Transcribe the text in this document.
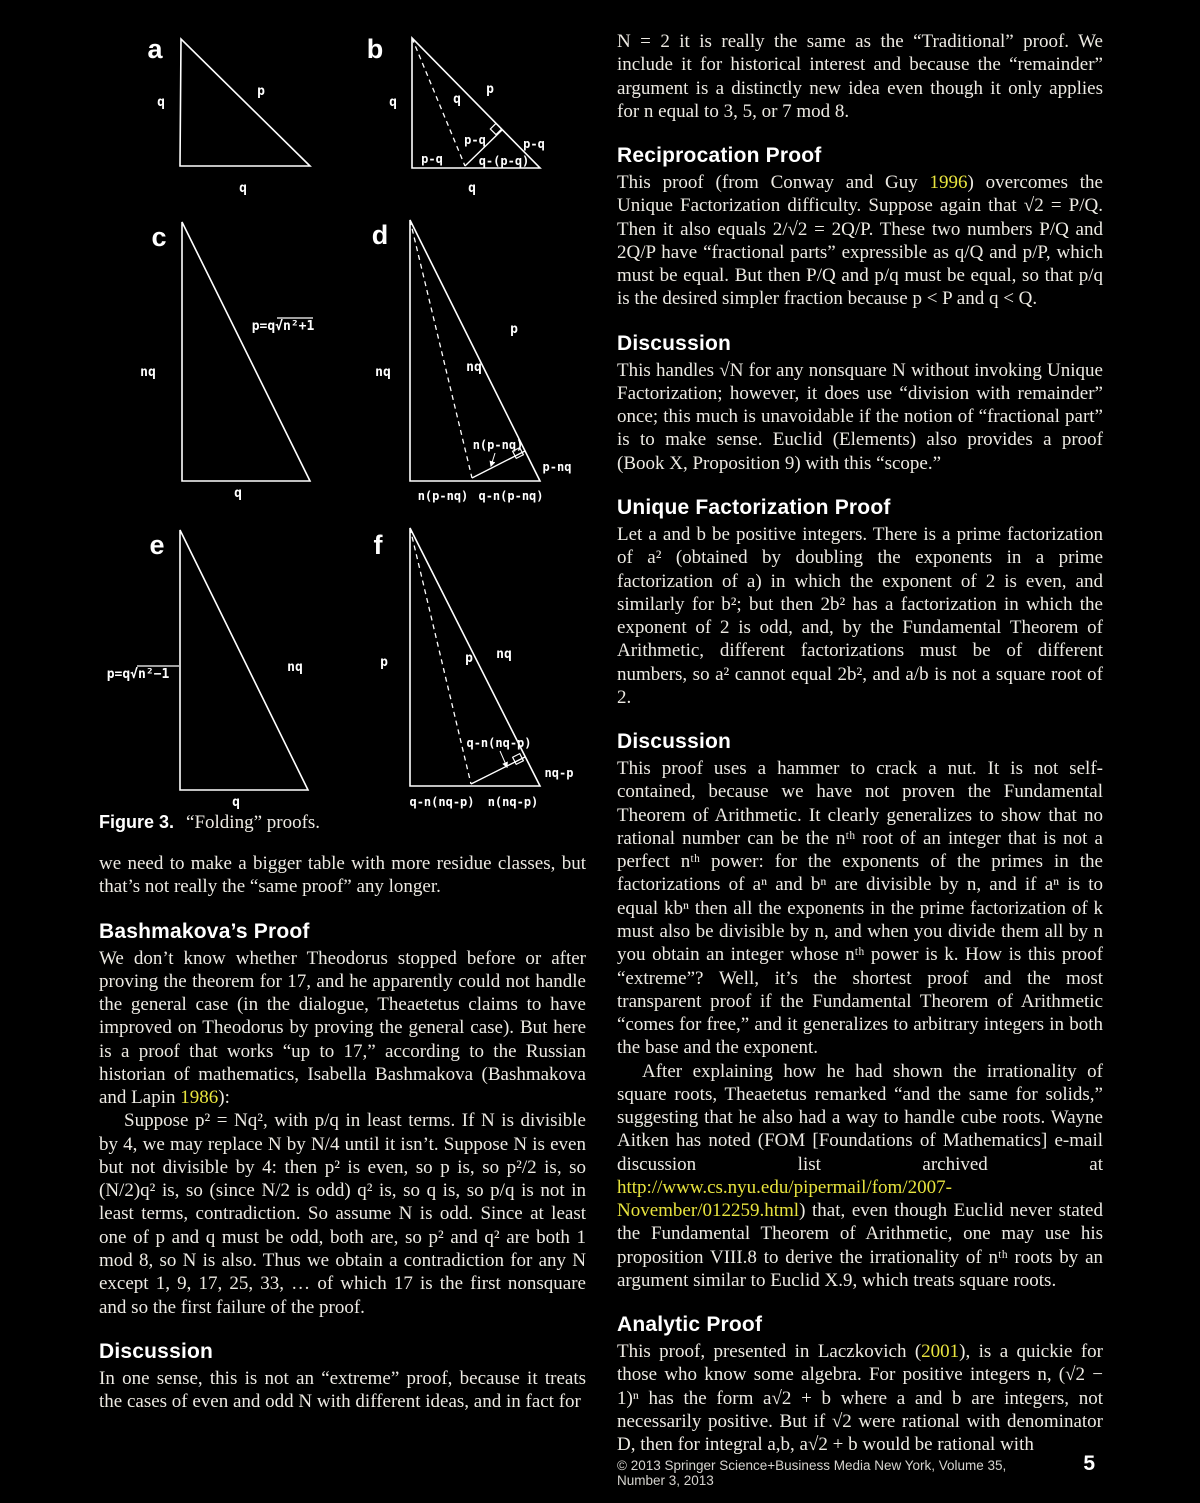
a
q
p
q
b
q	q
p
p-q	p-q
p-q	q-(p-q)
q
c
nq
p=q√n²+1
q
d
nq
p
nq
n(p-nq)
p-nq
n(p-nq) q-n(p-nq)
e
p=q√n²−1	nq
q
f
p	p nq
q-n(nq-p)
nq-p
q-n(nq-p) n(nq-p)

Figure 3. “Folding” proofs.

we need to make a bigger table with more residue classes, but that’s not really the “same proof” any longer.

Bashmakova’s Proof

We don’t know whether Theodorus stopped before or after proving the theorem for 17, and he apparently could not handle the general case (in the dialogue, Theaetetus claims to have improved on Theodorus by proving the general case). But here is a proof that works “up to 17,” according to the Russian historian of mathematics, Isabella Bashmakova (Bashmakova and Lapin 1986):

Suppose p² = Nq², with p/q in least terms. If N is divisible by 4, we may replace N by N/4 until it isn’t. Suppose N is even but not divisible by 4: then p² is even, so p is, so p²/2 is, so (N/2)q² is, so (since N/2 is odd) q² is, so q is, so p/q is not in least terms, contradiction. So assume N is odd. Since at least one of p and q must be odd, both are, so p² and q² are both 1 mod 8, so N is also. Thus we obtain a contradiction for any N except 1, 9, 17, 25, 33, … of which 17 is the first nonsquare and so the first failure of the proof.

Discussion

In one sense, this is not an “extreme” proof, because it treats the cases of even and odd N with different ideas, and in fact for

N = 2 it is really the same as the “Traditional” proof. We include it for historical interest and because the “remainder” argument is a distinctly new idea even though it only applies for n equal to 3, 5, or 7 mod 8.

Reciprocation Proof

This proof (from Conway and Guy 1996) overcomes the Unique Factorization difficulty. Suppose again that √2 = P/Q. Then it also equals 2/√2 = 2Q/P. These two numbers P/Q and 2Q/P have “fractional parts” expressible as q/Q and p/P, which must be equal. But then P/Q and p/q must be equal, so that p/q is the desired simpler fraction because p < P and q < Q.

Discussion

This handles √N for any nonsquare N without invoking Unique Factorization; however, it does use “division with remainder” once; this much is unavoidable if the notion of “fractional part” is to make sense. Euclid (Elements) also provides a proof (Book X, Proposition 9) with this “scope.”

Unique Factorization Proof

Let a and b be positive integers. There is a prime factorization of a² (obtained by doubling the exponents in a prime factorization of a) in which the exponent of 2 is even, and similarly for b²; but then 2b² has a factorization in which the exponent of 2 is odd, and, by the Fundamental Theorem of Arithmetic, different factorizations must be of different numbers, so a² cannot equal 2b², and a/b is not a square root of 2.

Discussion

This proof uses a hammer to crack a nut. It is not self-contained, because we have not proven the Fundamental Theorem of Arithmetic. It clearly generalizes to show that no rational number can be the nᵗʰ root of an integer that is not a perfect nᵗʰ power: for the exponents of the primes in the factorizations of aⁿ and bⁿ are divisible by n, and if aⁿ is to equal kbⁿ then all the exponents in the prime factorization of k must also be divisible by n, and when you divide them all by n you obtain an integer whose nᵗʰ power is k. How is this proof “extreme”? Well, it’s the shortest proof and the most transparent proof if the Fundamental Theorem of Arithmetic “comes for free,” and it generalizes to arbitrary integers in both the base and the exponent.

After explaining how he had shown the irrationality of square roots, Theaetetus remarked “and the same for solids,” suggesting that he also had a way to handle cube roots. Wayne Aitken has noted (FOM [Foundations of Mathematics] e-mail discussion list archived at http://www.cs.nyu.edu/pipermail/fom/2007-November/012259.html) that, even though Euclid never stated the Fundamental Theorem of Arithmetic, one may use his proposition VIII.8 to derive the irrationality of nᵗʰ roots by an argument similar to Euclid X.9, which treats square roots.

Analytic Proof

This proof, presented in Laczkovich (2001), is a quickie for those who know some algebra. For positive integers n, (√2 − 1)ⁿ has the form a√2 + b where a and b are integers, not necessarily positive. But if √2 were rational with denominator D, then for integral a,b, a√2 + b would be rational with

© 2013 Springer Science+Business Media New York, Volume 35, Number 3, 2013
5
